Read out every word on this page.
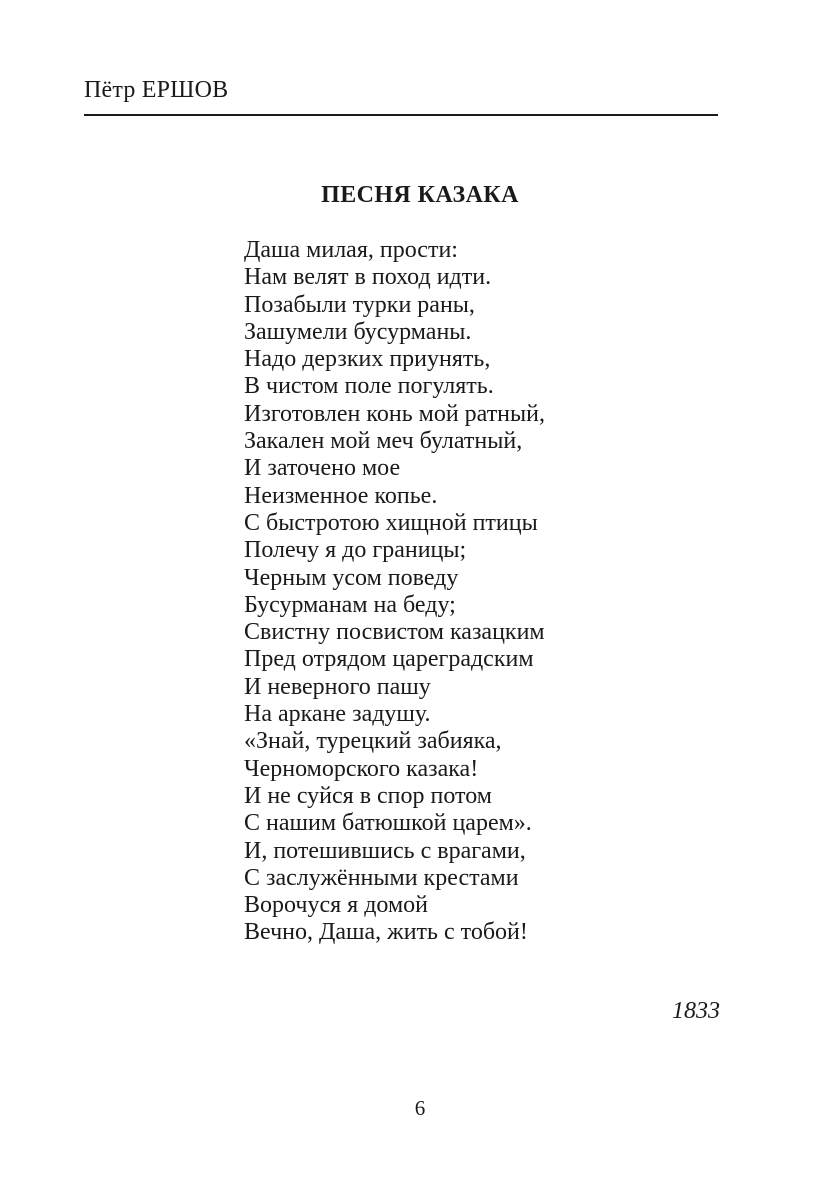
Пётр ЕРШОВ
ПЕСНЯ КАЗАКА
Даша милая, прости:
Нам велят в поход идти.
Позабыли турки раны,
Зашумели бусурманы.
Надо дерзких приунять,
В чистом поле погулять.
Изготовлен конь мой ратный,
Закален мой меч булатный,
И заточено мое
Неизменное копье.
С быстротою хищной птицы
Полечу я до границы;
Черным усом поведу
Бусурманам на беду;
Свистну посвистом казацким
Пред отрядом цареградским
И неверного пашу
На аркане задушу.
«Знай, турецкий забияка,
Черноморского казака!
И не суйся в спор потом
С нашим батюшкой царем».
И, потешившись с врагами,
С заслужёнными крестами
Ворочуся я домой
Вечно, Даша, жить с тобой!
1833
6
